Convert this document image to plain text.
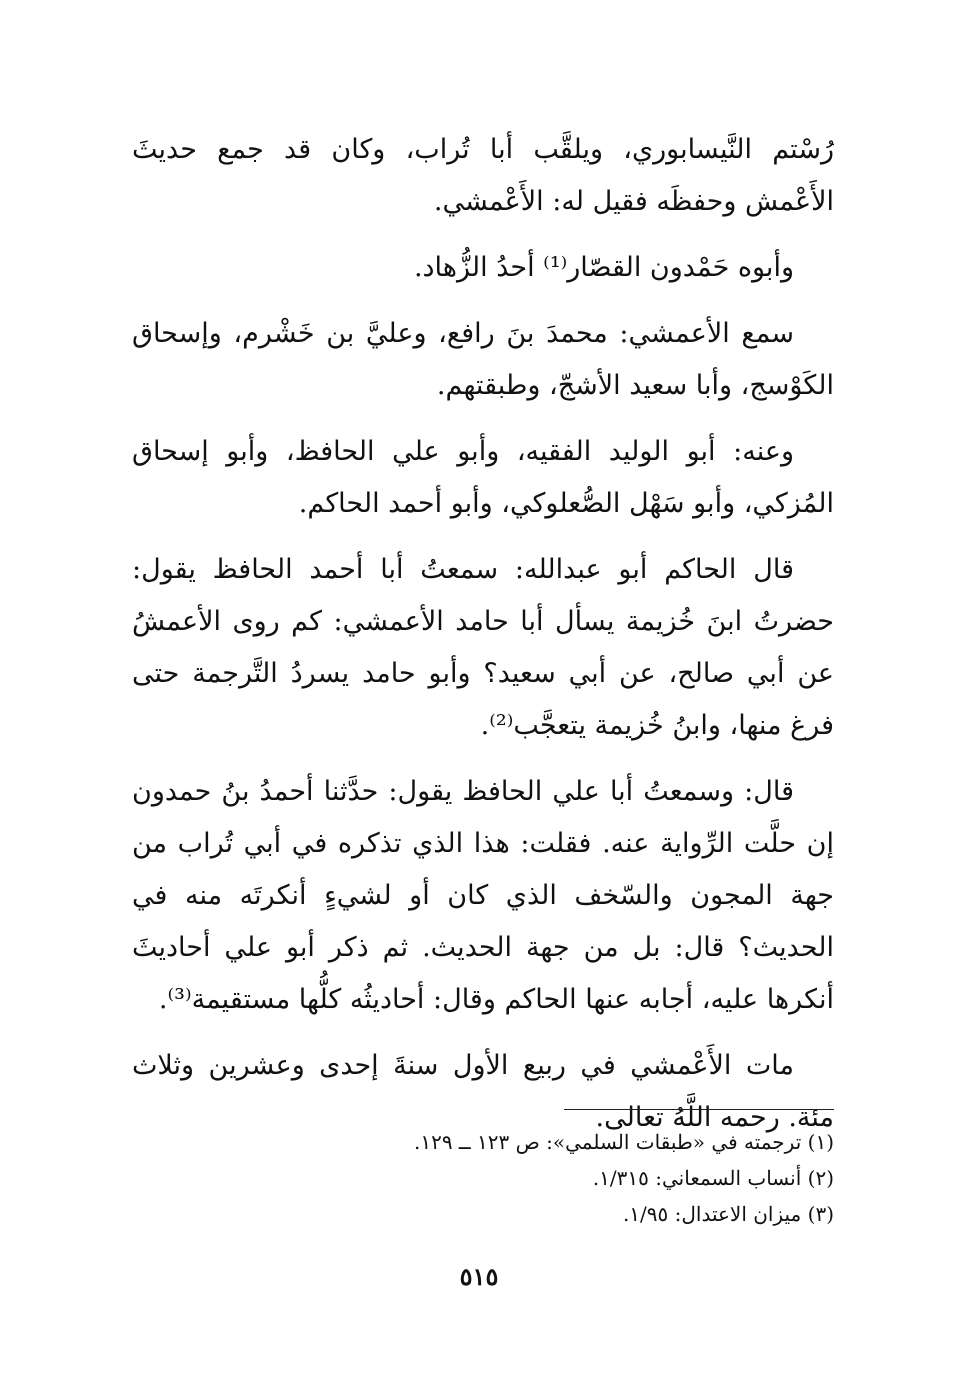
رُسْتم النَّيسابوري، ويلقَّب أبا تُراب، وكان قد جمع حديثَ الأَعْمش وحفظَه فقيل له: الأَعْمشي.

وأبوه حَمْدون القصّار⁽¹⁾ أحدُ الزُّهاد.

سمع الأعمشي: محمدَ بنَ رافع، وعليَّ بن خَشْرم، وإسحاق الكَوْسج، وأبا سعيد الأشجّ، وطبقتهم.

وعنه: أبو الوليد الفقيه، وأبو علي الحافظ، وأبو إسحاق المُزكي، وأبو سَهْل الصُّعلوكي، وأبو أحمد الحاكم.

قال الحاكم أبو عبدالله: سمعتُ أبا أحمد الحافظ يقول: حضرتُ ابنَ خُزيمة يسأل أبا حامد الأعمشي: كم روى الأعمشُ عن أبي صالح، عن أبي سعيد؟ وأبو حامد يسردُ التَّرجمة حتى فرغ منها، وابنُ خُزيمة يتعجَّب⁽²⁾.

قال: وسمعتُ أبا علي الحافظ يقول: حدَّثنا أحمدُ بنُ حمدون إن حلَّت الرِّواية عنه. فقلت: هذا الذي تذكره في أبي تُراب من جهة المجون والسّخف الذي كان أو لشيءٍ أنكرتَه منه في الحديث؟ قال: بل من جهة الحديث. ثم ذكر أبو علي أحاديثَ أنكرها عليه، أجابه عنها الحاكم وقال: أحاديثُه كلُّها مستقيمة⁽³⁾.

مات الأَعْمشي في ربيع الأول سنةَ إحدى وعشرين وثلاث مئة. رحمه اللَّهُ تعالى.

(١) ترجمته في «طبقات السلمي»: ص ١٢٣ ــ ١٢٩.

(٢) أنساب السمعاني: ١/٣١٥.

(٣) ميزان الاعتدال: ١/٩٥.

٥١٥
